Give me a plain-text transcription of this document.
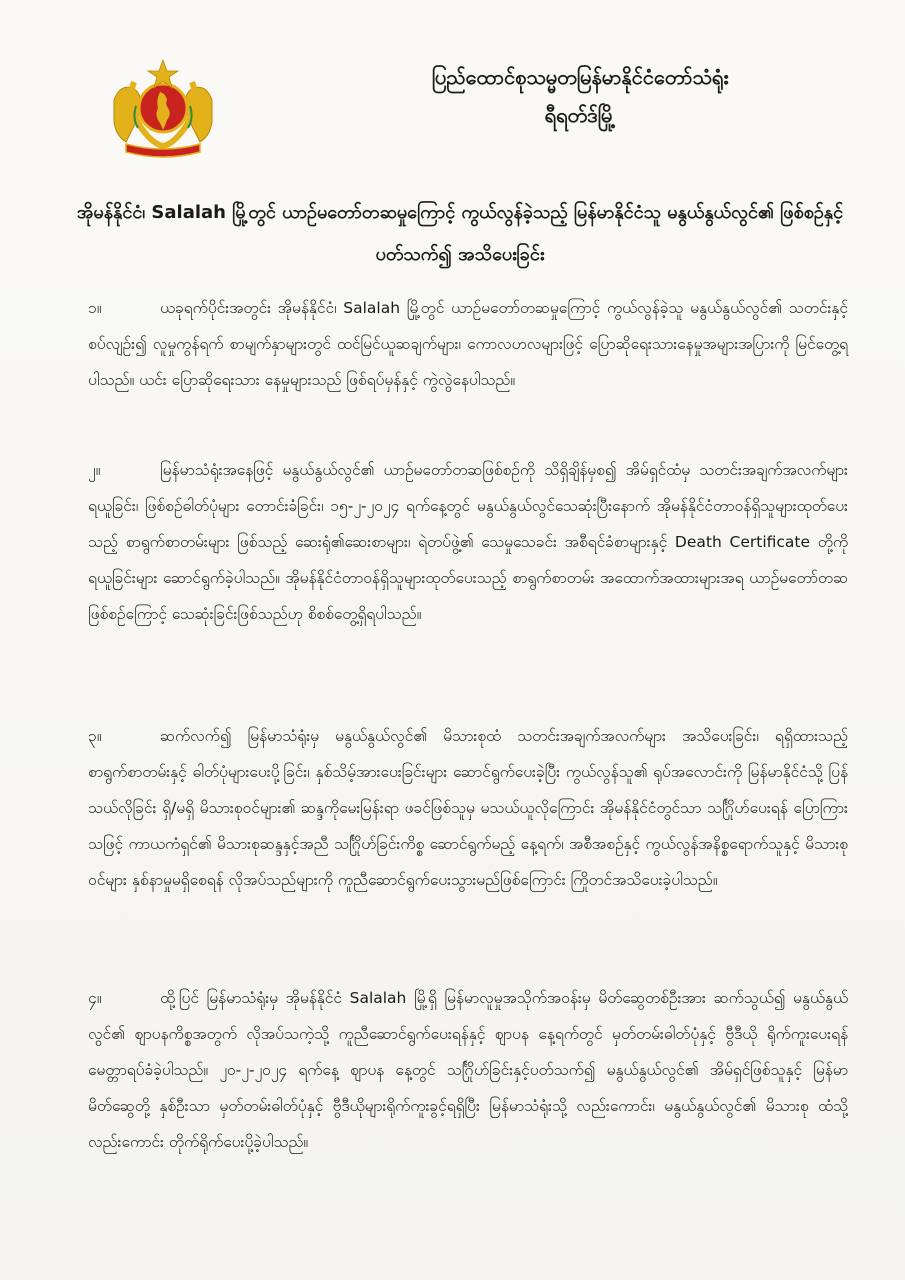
ပြည်ထောင်စုသမ္မတမြန်မာနိုင်ငံတော်သံရုံး
ရီရတ်ဒ်မြို့
အိုမန်နိုင်ငံ၊ Salalah မြို့တွင် ယာဉ်မတော်တဆမှုကြောင့် ကွယ်လွန်ခဲ့သည့် မြန်မာနိုင်ငံသူ မနွယ်နွယ်လွင်၏ ဖြစ်စဉ်နှင့်ပတ်သက်၍ အသိပေးခြင်း
၁။	ယခုရက်ပိုင်းအတွင်း အိုမန်နိုင်ငံ၊ Salalah မြို့တွင် ယာဉ်မတော်တဆမှုကြောင့် ကွယ်လွန်ခဲ့သူ မနွယ်နွယ်လွင်၏ သတင်းနှင့်စပ်လျဉ်း၍ လူမှုကွန်ရက် စာမျက်နှာများတွင် ထင်မြင်ယူဆချက်များ၊ ကောလဟလများဖြင့် ပြောဆိုရေးသားနေမှုအများအပြားကို မြင်တွေ့ရပါသည်။ ယင်း ပြောဆိုရေးသား နေမှုများသည် ဖြစ်ရပ်မှန်နှင့် ကွဲလွဲနေပါသည်။
၂။	မြန်မာသံရုံးအနေဖြင့် မနွယ်နွယ်လွင်၏ ယာဉ်မတော်တဆဖြစ်စဉ်ကို သိရှိချိန်မှစ၍ အိမ်ရှင်ထံမှ သတင်းအချက်အလက်များရယူခြင်း၊ ဖြစ်စဉ်ဓါတ်ပုံများ တောင်းခံခြင်း၊ ၁၅-၂-၂၀၂၄ ရက်နေ့တွင် မနွယ်နွယ်လွင်သေဆုံးပြီးနောက် အိုမန်နိုင်ငံတာဝန်ရှိသူများထုတ်ပေးသည့် စာရွက်စာတမ်းများ ဖြစ်သည့် ဆေးရုံ၏ဆေးစာများ၊ ရဲတပ်ဖွဲ့၏ သေမှုသေခင်း အစီရင်ခံစာများနှင့် Death Certificate တို့ကို ရယူခြင်းများ ဆောင်ရွက်ခဲ့ပါသည်။ အိုမန်နိုင်ငံတာဝန်ရှိသူများထုတ်ပေးသည့် စာရွက်စာတမ်း အထောက်အထားများအရ ယာဉ်မတော်တဆဖြစ်စဉ်ကြောင့် သေဆုံးခြင်းဖြစ်သည်ဟု စိစစ်တွေ့ရှိရပါသည်။
၃။	ဆက်လက်၍ မြန်မာသံရုံးမှ မနွယ်နွယ်လွင်၏ မိသားစုထံ သတင်းအချက်အလက်များ အသိပေးခြင်း၊ ရရှိထားသည့် စာရွက်စာတမ်းနှင့် ဓါတ်ပုံများပေးပို့ခြင်း၊ နှစ်သိမ့်အားပေးခြင်းများ ဆောင်ရွက်ပေးခဲ့ပြီး ကွယ်လွန်သူ၏ ရုပ်အလောင်းကို မြန်မာနိုင်ငံသို့ ပြန်သယ်လိုခြင်း ရှိ/မရှိ မိသားစုဝင်များ၏ ဆန္ဒကိုမေးမြန်းရာ ဖခင်ဖြစ်သူမှ မသယ်ယူလိုကြောင်း အိုမန်နိုင်ငံတွင်သာ သင်္ဂြိုဟ်ပေးရန် ပြောကြားသဖြင့် ကာယကံရှင်၏ မိသားစုဆန္ဒနှင့်အညီ သင်္ဂြိုဟ်ခြင်းကိစ္စ ဆောင်ရွက်မည့် နေ့ရက်၊ အစီအစဉ်နှင့် ကွယ်လွန်အနိစ္စရောက်သူနှင့် မိသားစုဝင်များ နှစ်နာမှုမရှိစေရန် လိုအပ်သည်များကို ကူညီဆောင်ရွက်ပေးသွားမည်ဖြစ်ကြောင်း ကြိုတင်အသိပေးခဲ့ပါသည်။
၄။	ထို့ပြင် မြန်မာသံရုံးမှ အိုမန်နိုင်ငံ Salalah မြို့ရှိ မြန်မာလူမှုအသိုက်အဝန်းမှ မိတ်ဆွေတစ်ဦးအား ဆက်သွယ်၍ မနွယ်နွယ်လွင်၏ ဈာပနကိစ္စအတွက် လိုအပ်သကဲ့သို့ ကူညီဆောင်ရွက်ပေးရန်နှင့် ဈာပန နေ့ရက်တွင် မှတ်တမ်းဓါတ်ပုံနှင့် ဗွီဒီယို ရိုက်ကူးပေးရန် မေတ္တာရပ်ခံခဲ့ပါသည်။ ၂၀-၂-၂၀၂၄ ရက်နေ့ ဈာပန နေ့တွင် သင်္ဂြိုဟ်ခြင်းနှင့်ပတ်သက်၍ မနွယ်နွယ်လွင်၏ အိမ်ရှင်ဖြစ်သူနှင့် မြန်မာ မိတ်ဆွေတို့ နှစ်ဦးသာ မှတ်တမ်းဓါတ်ပုံနှင့် ဗွီဒီယိုများရိုက်ကူးခွင့်ရရှိပြီး မြန်မာသံရုံးသို့ လည်းကောင်း၊ မနွယ်နွယ်လွင်၏ မိသားစု ထံသို့လည်းကောင်း တိုက်ရိုက်ပေးပို့ခဲ့ပါသည်။
